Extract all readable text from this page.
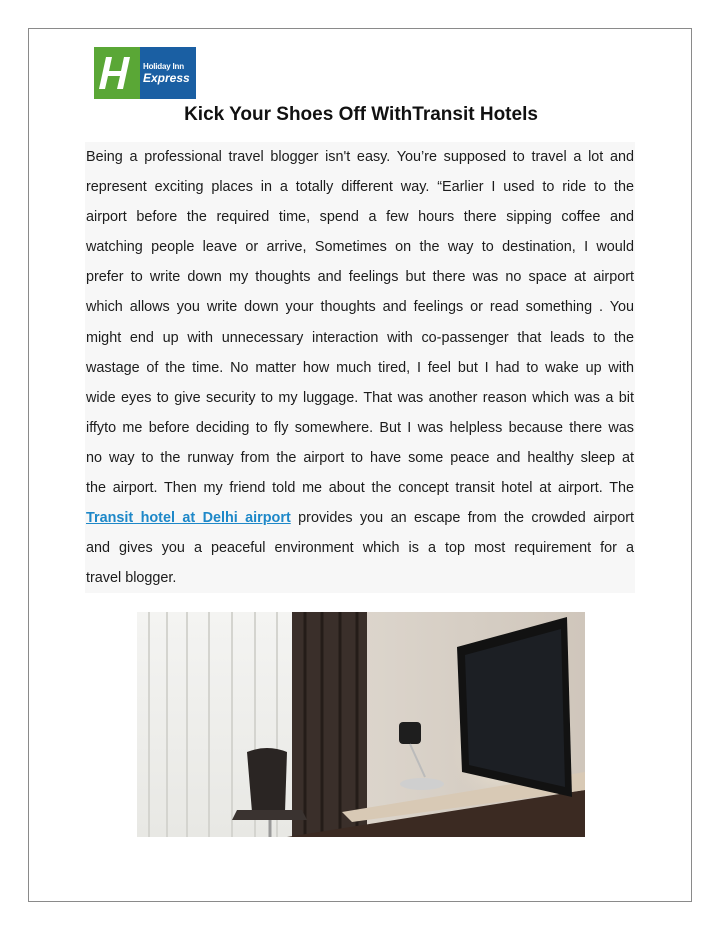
Holiday Inn
Express
Kick Your Shoes Off WithTransit Hotels
Being a professional travel blogger isn't easy. You’re supposed to travel a lot and
represent exciting places in a totally different way. “Earlier I used to ride to the
airport before the required time, spend a few hours there sipping coffee and
watching people leave or arrive, Sometimes on the way to destination, I would
prefer to write down my thoughts and feelings but there was no space at airport
which allows you write down your thoughts and feelings or read something . You
might end up with unnecessary interaction with co-passenger that leads to the
wastage of the time. No matter how much tired, I feel but I had to wake up with
wide eyes to give security to my luggage. That was another reason which was a bit
iffyto me before deciding to fly somewhere. But I was helpless because there was
no way to the runway from the airport to have some peace and healthy sleep at
the airport. Then my friend told me about the concept transit hotel at airport. The
Transit hotel at Delhi airport provides you an escape from the crowded airport
and gives you a peaceful environment which is a top most requirement for a
travel blogger.
